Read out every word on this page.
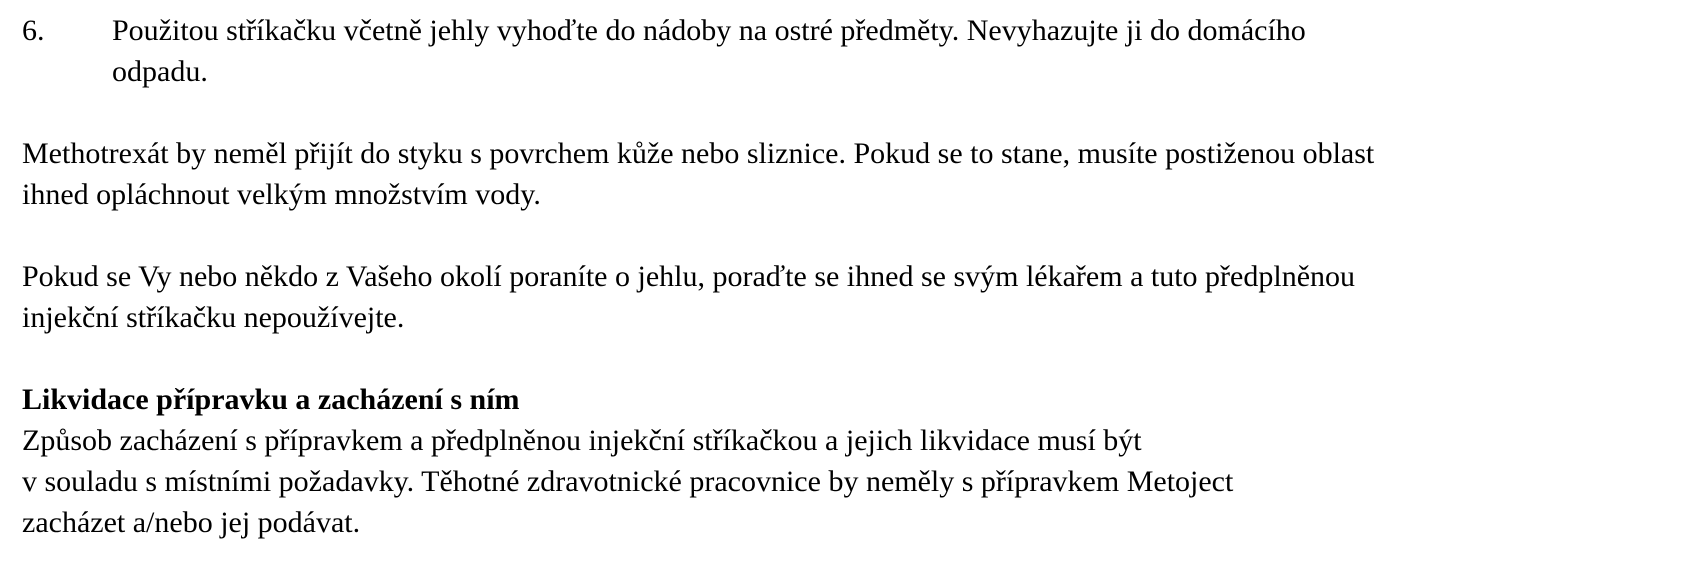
6.	Použitou stříkačku včetně jehly vyhoďte do nádoby na ostré předměty. Nevyhazujte ji do domácího odpadu.

Methotrexát by neměl přijít do styku s povrchem kůže nebo sliznice. Pokud se to stane, musíte postiženou oblast ihned opláchnout velkým množstvím vody.

Pokud se Vy nebo někdo z Vašeho okolí poraníte o jehlu, poraďte se ihned se svým lékařem a tuto předplněnou injekční stříkačku nepoužívejte.

Likvidace přípravku a zacházení s ním

Způsob zacházení s přípravkem a předplněnou injekční stříkačkou a jejich likvidace musí být

v souladu s místními požadavky. Těhotné zdravotnické pracovnice by neměly s přípravkem Metoject

zacházet a/nebo jej podávat.
